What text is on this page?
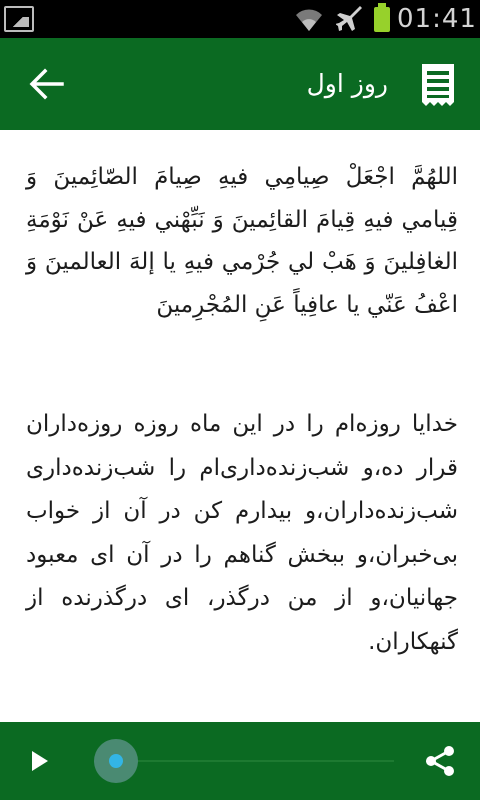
01:41
روز اول
اللهُمَّ اجْعَلْ صِيامِي فيهِ صِيامَ الصّائِمينَ وَ قِيامي فيهِ قِيامَ القائِمينَ وَ نَبِّهْني فيهِ عَنْ نَوْمَةِ الغافِلينَ وَ هَبْ لي جُرْمي فيهِ يا إلهَ العالمينَ وَ اعْفُ عَنّي يا عافِياً عَنِ المُجْرِمينَ
خدایا روزه‌ام را در این ماه روزه روزه‌داران قرار ده،و شب‌زنده‌داری‌ام را شب‌زنده‌داری شب‌زنده‌داران،و بیدارم کن در آن از خواب بی‌خبران،و ببخش گناهم را در آن ای معبود جهانیان،و از من درگذر، ای درگذرنده از گنهکاران.
